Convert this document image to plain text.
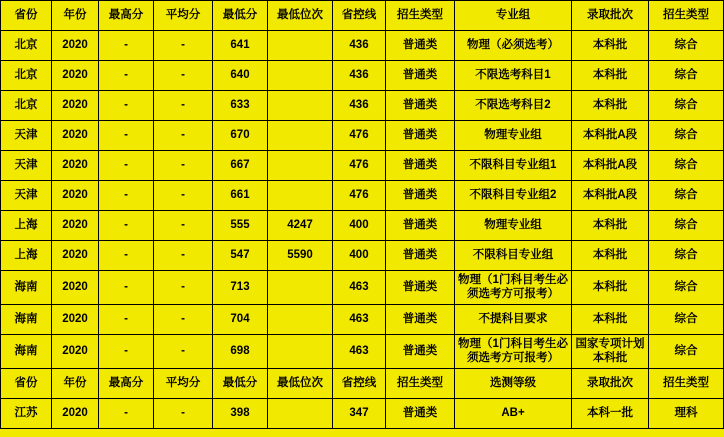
省份	年份	最高分	平均分	最低分	最低位次	省控线	招生类型	专业组	录取批次	招生类型
北京	2020	-	-	641		436	普通类	物理（必须选考）	本科批	综合
北京	2020	-	-	640		436	普通类	不限选考科目1	本科批	综合
北京	2020	-	-	633		436	普通类	不限选考科目2	本科批	综合
天津	2020	-	-	670		476	普通类	物理专业组	本科批A段	综合
天津	2020	-	-	667		476	普通类	不限科目专业组1	本科批A段	综合
天津	2020	-	-	661		476	普通类	不限科目专业组2	本科批A段	综合
上海	2020	-	-	555	4247	400	普通类	物理专业组	本科批	综合
上海	2020	-	-	547	5590	400	普通类	不限科目专业组	本科批	综合
海南	2020	-	-	713		463	普通类	物理（1门科目考生必须选考方可报考）	本科批	综合
海南	2020	-	-	704		463	普通类	不提科目要求	本科批	综合
海南	2020	-	-	698		463	普通类	物理（1门科目考生必须选考方可报考）	国家专项计划本科批	综合
省份	年份	最高分	平均分	最低分	最低位次	省控线	招生类型	选测等级	录取批次	招生类型
江苏	2020	-	-	398		347	普通类	AB+	本科一批	理科
